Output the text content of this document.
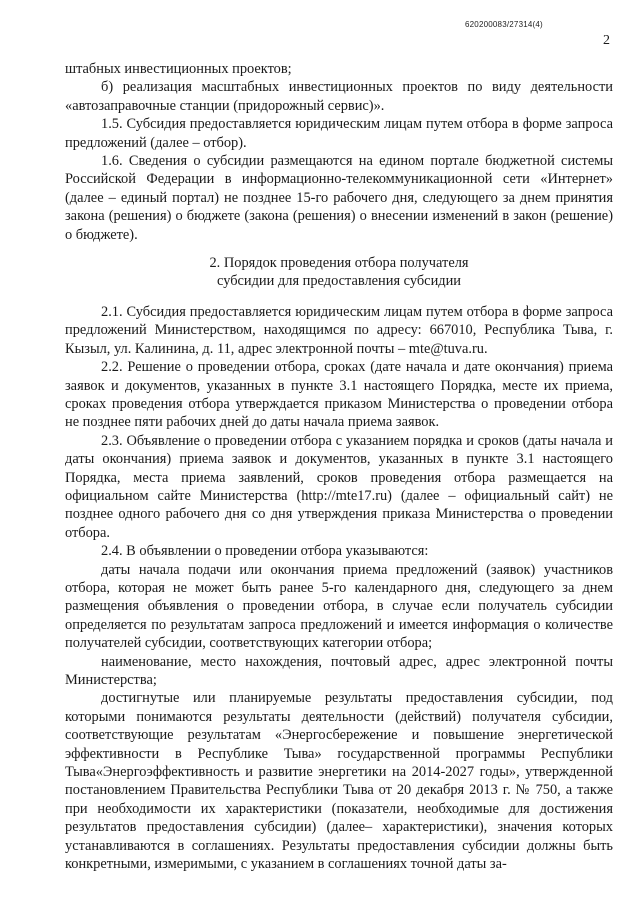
620200083/27314(4)
2

штабных инвестиционных проектов;

б) реализация масштабных инвестиционных проектов по виду деятельности «автозаправочные станции (придорожный сервис)».

1.5. Субсидия предоставляется юридическим лицам путем отбора в форме запроса предложений (далее – отбор).

1.6. Сведения о субсидии размещаются на едином портале бюджетной системы Российской Федерации в информационно-телекоммуникационной сети «Интернет» (далее – единый портал) не позднее 15-го рабочего дня, следующего за днем принятия закона (решения) о бюджете (закона (решения) о внесении изменений в закон (решение) о бюджете).

2. Порядок проведения отбора получателя
субсидии для предоставления субсидии

2.1. Субсидия предоставляется юридическим лицам путем отбора в форме запроса предложений Министерством, находящимся по адресу: 667010, Республика Тыва, г. Кызыл, ул. Калинина, д. 11, адрес электронной почты – mte@tuva.ru.

2.2. Решение о проведении отбора, сроках (дате начала и дате окончания) приема заявок и документов, указанных в пункте 3.1 настоящего Порядка, месте их приема, сроках проведения отбора утверждается приказом Министерства о проведении отбора не позднее пяти рабочих дней до даты начала приема заявок.

2.3. Объявление о проведении отбора с указанием порядка и сроков (даты начала и даты окончания) приема заявок и документов, указанных в пункте 3.1 настоящего Порядка, места приема заявлений, сроков проведения отбора размещается на официальном сайте Министерства (http://mte17.ru) (далее – официальный сайт) не позднее одного рабочего дня со дня утверждения приказа Министерства о проведении отбора.

2.4. В объявлении о проведении отбора указываются:

даты начала подачи или окончания приема предложений (заявок) участников отбора, которая не может быть ранее 5-го календарного дня, следующего за днем размещения объявления о проведении отбора, в случае если получатель субсидии определяется по результатам запроса предложений и имеется информация о количестве получателей субсидии, соответствующих категории отбора;

наименование, место нахождения, почтовый адрес, адрес электронной почты Министерства;

достигнутые или планируемые результаты предоставления субсидии, под которыми понимаются результаты деятельности (действий) получателя субсидии, соответствующие результатам «Энергосбережение и повышение энергетической эффективности в Республике Тыва» государственной программы Республики Тыва«Энергоэффективность и развитие энергетики на 2014-2027 годы», утвержденной постановлением Правительства Республики Тыва от 20 декабря 2013 г. № 750, а также при необходимости их характеристики (показатели, необходимые для достижения результатов предоставления субсидии) (далее– характеристики), значения которых устанавливаются в соглашениях. Результаты предоставления субсидии должны быть конкретными, измеримыми, с указанием в соглашениях точной даты за-
